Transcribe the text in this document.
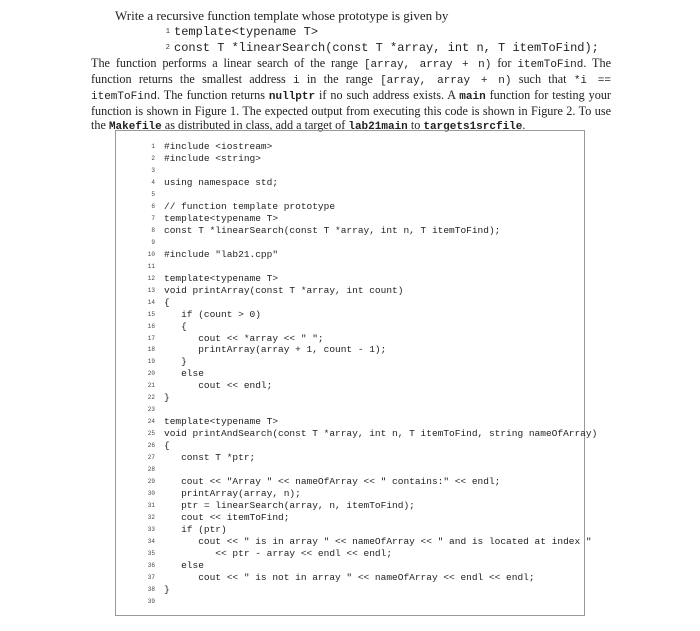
Write a recursive function template whose prototype is given by
1 template<typename T>
2 const T *linearSearch(const T *array, int n, T itemToFind);
The function performs a linear search of the range [array, array + n) for itemToFind. The function returns the smallest address i in the range [array, array + n) such that *i == itemToFind. The function returns nullptr if no such address exists. A main function for testing your function is shown in Figure 1. The expected output from executing this code is shown in Figure 2. To use the Makefile as distributed in class, add a target of lab21main to targets1srcfile.
1 #include <iostream>
2 #include <string>
3
4 using namespace std;
5
6 // function template prototype
7 template<typename T>
8 const T *linearSearch(const T *array, int n, T itemToFind);
9
10 #include "lab21.cpp"
11
12 template<typename T>
13 void printArray(const T *array, int count)
14 {
15 if (count > 0)
16 {
17 cout << *array << " ";
18 printArray(array + 1, count - 1);
19 }
20 else
21 cout << endl;
22 }
23
24 template<typename T>
25 void printAndSearch(const T *array, int n, T itemToFind, string nameOfArray)
26 {
27 const T *ptr;
28
29 cout << "Array " << nameOfArray << " contains:" << endl;
30 printArray(array, n);
31 ptr = linearSearch(array, n, itemToFind);
32 cout << itemToFind;
33 if (ptr)
34 cout << " is in array " << nameOfArray << " and is located at index "
35 << ptr - array << endl << endl;
36 else
37 cout << " is not in array " << nameOfArray << endl << endl;
38 }
39
